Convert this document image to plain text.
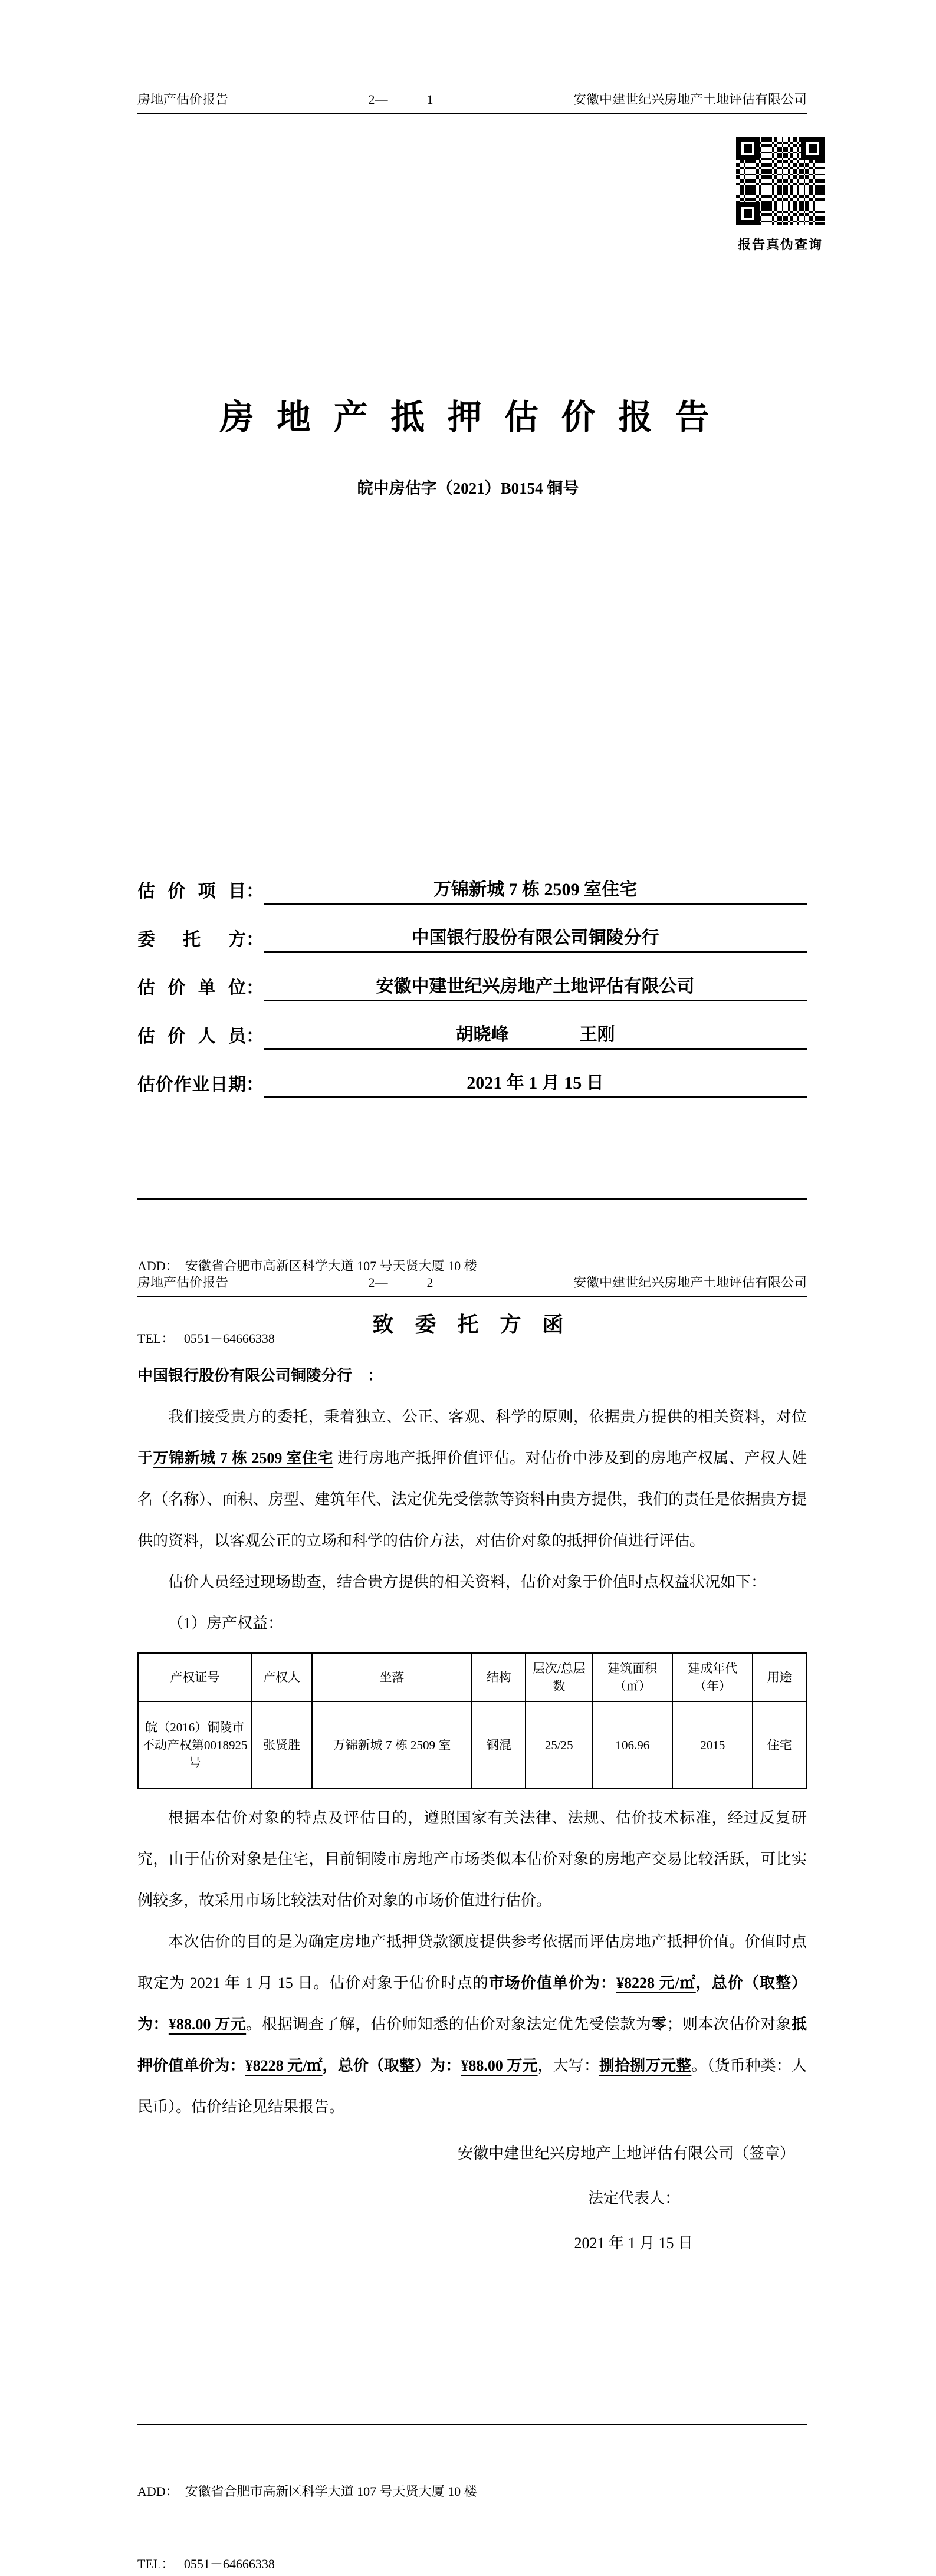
房地产估价报告	2—　　　1	安徽中建世纪兴房地产土地评估有限公司
报告真伪查询
房 地 产 抵 押 估 价 报 告
皖中房估字（2021）B0154 铜号
估价项目 ：	万锦新城 7 栋 2509 室住宅
委托方 ：	中国银行股份有限公司铜陵分行
估价单位 ：	安徽中建世纪兴房地产土地评估有限公司
估价人员 ：	胡晓峰　　　　王刚
估价作业日期 ：	2021 年 1 月 15 日

ADD：  安徽省合肥市高新区科学大道 107 号天贤大厦 10 楼

TEL：   0551－64666338

房地产估价报告	2—　　　2	安徽中建世纪兴房地产土地评估有限公司
致　委　托　方　函
中国银行股份有限公司铜陵分行　：

我们接受贵方的委托，秉着独立、公正、客观、科学的原则，依据贵方提供的相关资料，对位于万锦新城 7 栋 2509 室住宅 进行房地产抵押价值评估。对估价中涉及到的房地产权属、产权人姓名（名称）、面积、房型、建筑年代、法定优先受偿款等资料由贵方提供，我们的责任是依据贵方提供的资料，以客观公正的立场和科学的估价方法，对估价对象的抵押价值进行评估。

估价人员经过现场勘查，结合贵方提供的相关资料，估价对象于价值时点权益状况如下：

（1）房产权益：

产权证号	产权人	坐落	结构	层次/总层数	建筑面积（㎡）	建成年代（年）	用途
皖（2016）铜陵市不动产权第0018925 号	张贤胜	万锦新城 7 栋 2509 室	钢混	25/25	106.96	2015	住宅

根据本估价对象的特点及评估目的，遵照国家有关法律、法规、估价技术标准，经过反复研究，由于估价对象是住宅，目前铜陵市房地产市场类似本估价对象的房地产交易比较活跃，可比实例较多，故采用市场比较法对估价对象的市场价值进行估价。

本次估价的目的是为确定房地产抵押贷款额度提供参考依据而评估房地产抵押价值。价值时点取定为 2021 年 1 月 15 日。估价对象于估价时点的市场价值单价为：¥8228 元/㎡，总价（取整）为：¥88.00 万元。根据调查了解，估价师知悉的估价对象法定优先受偿款为零；则本次估价对象抵押价值单价为：¥8228 元/㎡，总价（取整）为：¥88.00 万元，大写：捌拾捌万元整。（货币种类：人民币）。估价结论见结果报告。

安徽中建世纪兴房地产土地评估有限公司（签章）
法定代表人：
2021 年 1 月 15 日

ADD：  安徽省合肥市高新区科学大道 107 号天贤大厦 10 楼

TEL：   0551－64666338
